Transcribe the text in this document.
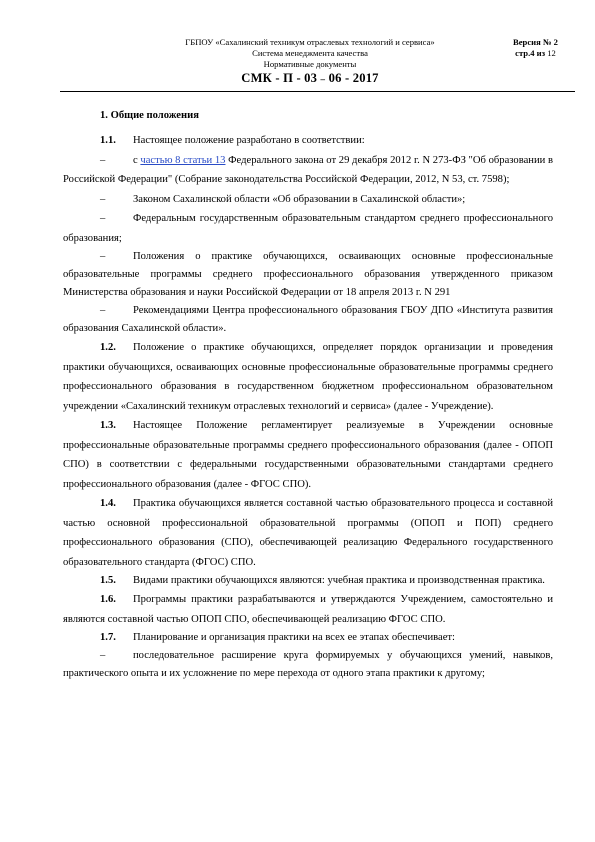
ГБПОУ «Сахалинский техникум отраслевых технологий и сервиса»
Система менеджмента качества
Нормативные документы
СМК - П - 03 – 06 - 2017
Версия № 2
стр.4 из 12
1. Общие положения

1.1. Настоящее положение разработано в соответствии:

–	с частью 8 статьи 13 Федерального закона от 29 декабря 2012 г. N 273-ФЗ "Об образовании в Российской Федерации" (Собрание законодательства Российской Федерации, 2012, N 53, ст. 7598);

–	Законом Сахалинской области «Об образовании в Сахалинской области»;

–	Федеральным государственным образовательным стандартом среднего профессионального образования;

–	Положения о практике обучающихся, осваивающих основные профессиональные образовательные программы среднего профессионального образования утвержденного приказом Министерства образования и науки Российской Федерации от 18 апреля 2013 г. N 291

–	Рекомендациями Центра профессионального образования ГБОУ ДПО «Института развития образования Сахалинской области».

1.2. Положение о практике обучающихся, определяет порядок организации и проведения практики обучающихся, осваивающих основные профессиональные образовательные программы среднего профессионального образования в государственном бюджетном профессиональном образовательном учреждении «Сахалинский техникум отраслевых технологий и сервиса» (далее - Учреждение).

1.3. Настоящее Положение регламентирует реализуемые в Учреждении основные профессиональные образовательные программы среднего профессионального образования (далее - ОПОП СПО) в соответствии с федеральными государственными образовательными стандартами среднего профессионального образования (далее - ФГОС СПО).

1.4. Практика обучающихся является составной частью образовательного процесса и составной частью основной профессиональной образовательной программы (ОПОП и ПОП) среднего профессионального образования (СПО), обеспечивающей реализацию Федерального государственного образовательного стандарта (ФГОС) СПО.

1.5. Видами практики обучающихся являются: учебная практика и производственная практика.

1.6. Программы практики разрабатываются и утверждаются Учреждением, самостоятельно и являются составной частью ОПОП СПО, обеспечивающей реализацию ФГОС СПО.

1.7. Планирование и организация практики на всех ее этапах обеспечивает:

–	последовательное расширение круга формируемых у обучающихся умений, навыков, практического опыта и их усложнение по мере перехода от одного этапа практики к другому;
